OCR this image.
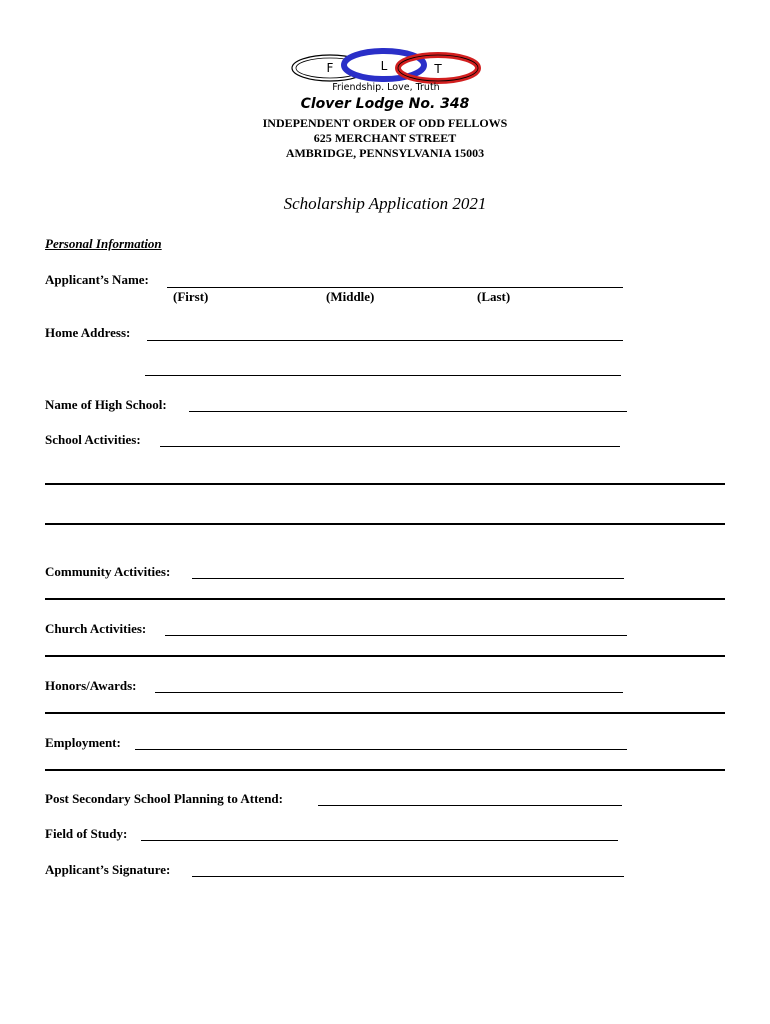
F	L	T
Friendship. Love, Truth
Clover Lodge No. 348
INDEPENDENT ORDER OF ODD FELLOWS
625 MERCHANT STREET
AMBRIDGE, PENNSYLVANIA 15003
Scholarship Application 2021
Personal Information
Applicant’s Name:
(First)	(Middle)	(Last)
Home Address:
Name of High School:
School Activities:
Community Activities:
Church Activities:
Honors/Awards:
Employment:
Post Secondary School Planning to Attend:
Field of Study:
Applicant’s Signature:
